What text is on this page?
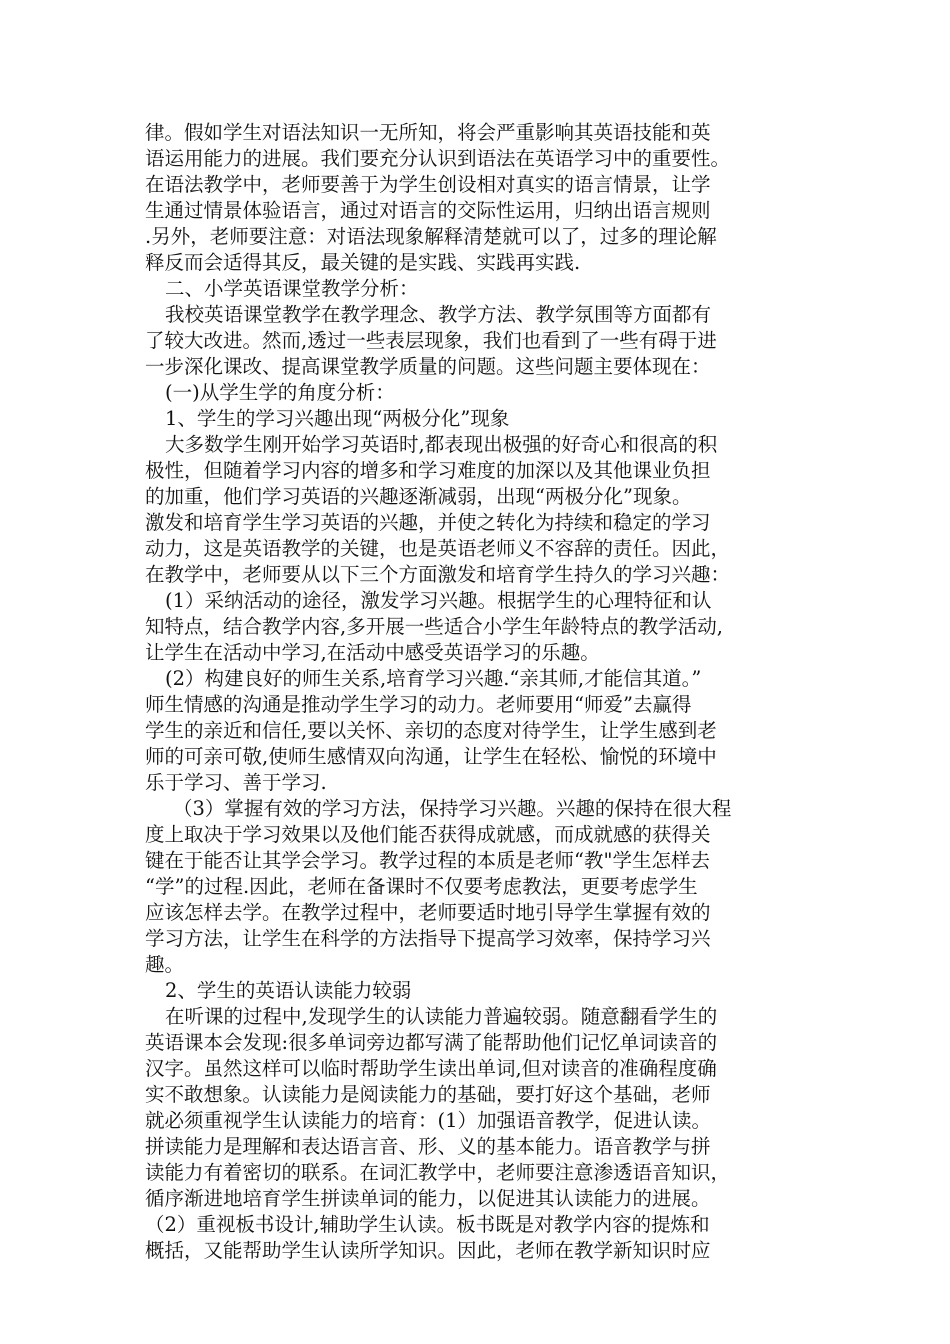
律。假如学生对语法知识一无所知，将会严重影响其英语技能和英
语运用能力的进展。我们要充分认识到语法在英语学习中的重要性。
在语法教学中，老师要善于为学生创设相对真实的语言情景，让学
生通过情景体验语言，通过对语言的交际性运用，归纳出语言规则
.另外，老师要注意：对语法现象解释清楚就可以了，过多的理论解
释反而会适得其反，最关键的是实践、实践再实践.
二、小学英语课堂教学分析：
我校英语课堂教学在教学理念、教学方法、教学氛围等方面都有
了较大改进。然而,透过一些表层现象，我们也看到了一些有碍于进
一步深化课改、提高课堂教学质量的问题。这些问题主要体现在：
(一)从学生学的角度分析：
1、学生的学习兴趣出现“两极分化”现象
大多数学生刚开始学习英语时,都表现出极强的好奇心和很高的积
极性，但随着学习内容的增多和学习难度的加深以及其他课业负担
的加重，他们学习英语的兴趣逐渐减弱，出现“两极分化”现象。
激发和培育学生学习英语的兴趣，并使之转化为持续和稳定的学习
动力，这是英语教学的关键，也是英语老师义不容辞的责任。因此，
在教学中，老师要从以下三个方面激发和培育学生持久的学习兴趣：
(1）采纳活动的途径，激发学习兴趣。根据学生的心理特征和认
知特点，结合教学内容,多开展一些适合小学生年龄特点的教学活动,
让学生在活动中学习,在活动中感受英语学习的乐趣。
(2）构建良好的师生关系,培育学习兴趣.“亲其师,才能信其道。”
师生情感的沟通是推动学生学习的动力。老师要用“师爱”去赢得
学生的亲近和信任,要以关怀、亲切的态度对待学生，让学生感到老
师的可亲可敬,使师生感情双向沟通，让学生在轻松、愉悦的环境中
乐于学习、善于学习.
（3）掌握有效的学习方法，保持学习兴趣。兴趣的保持在很大程
度上取决于学习效果以及他们能否获得成就感，而成就感的获得关
键在于能否让其学会学习。教学过程的本质是老师“教"学生怎样去
“学”的过程.因此，老师在备课时不仅要考虑教法，更要考虑学生
应该怎样去学。在教学过程中，老师要适时地引导学生掌握有效的
学习方法，让学生在科学的方法指导下提高学习效率，保持学习兴
趣。
2、学生的英语认读能力较弱
在听课的过程中,发现学生的认读能力普遍较弱。随意翻看学生的
英语课本会发现:很多单词旁边都写满了能帮助他们记忆单词读音的
汉字。虽然这样可以临时帮助学生读出单词,但对读音的准确程度确
实不敢想象。认读能力是阅读能力的基础，要打好这个基础，老师
就必须重视学生认读能力的培育：(1）加强语音教学，促进认读。
拼读能力是理解和表达语言音、形、义的基本能力。语音教学与拼
读能力有着密切的联系。在词汇教学中，老师要注意渗透语音知识，
循序渐进地培育学生拼读单词的能力，以促进其认读能力的进展。
（2）重视板书设计,辅助学生认读。板书既是对教学内容的提炼和
概括，又能帮助学生认读所学知识。因此，老师在教学新知识时应
